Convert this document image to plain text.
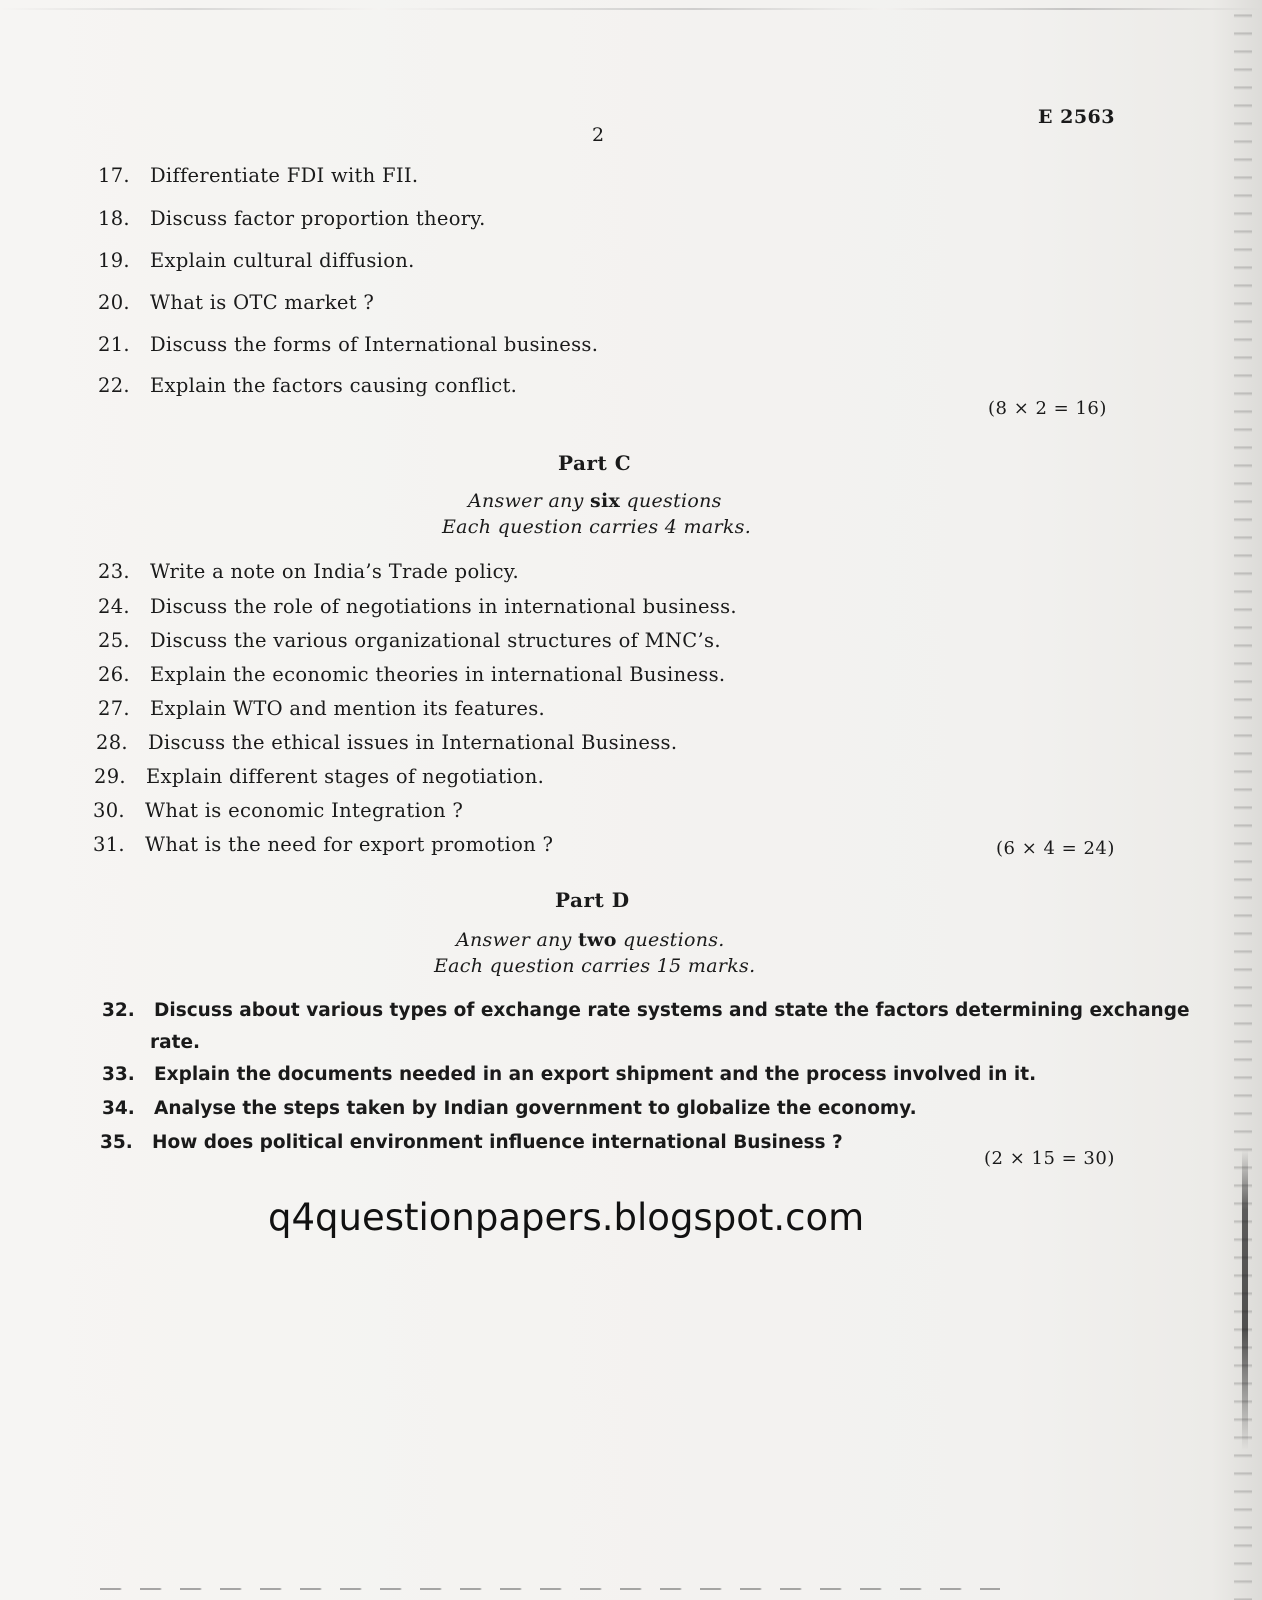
E 2563
2
17. Differentiate FDI with FII.
18. Discuss factor proportion theory.
19. Explain cultural diffusion.
20. What is OTC market ?
21. Discuss the forms of International business.
22. Explain the factors causing conflict.
(8 × 2 = 16)
Part C
Answer any six questions
Each question carries 4 marks.
23. Write a note on India’s Trade policy.
24. Discuss the role of negotiations in international business.
25. Discuss the various organizational structures of MNC’s.
26. Explain the economic theories in international Business.
27. Explain WTO and mention its features.
28. Discuss the ethical issues in International Business.
29. Explain different stages of negotiation.
30. What is economic Integration ?
31. What is the need for export promotion ?	(6 × 4 = 24)
Part D
Answer any two questions.
Each question carries 15 marks.
32. Discuss about various types of exchange rate systems and state the factors determining exchange
rate.
33. Explain the documents needed in an export shipment and the process involved in it.
34. Analyse the steps taken by Indian government to globalize the economy.
35. How does political environment influence international Business ?
(2 × 15 = 30)
q4questionpapers.blogspot.com
